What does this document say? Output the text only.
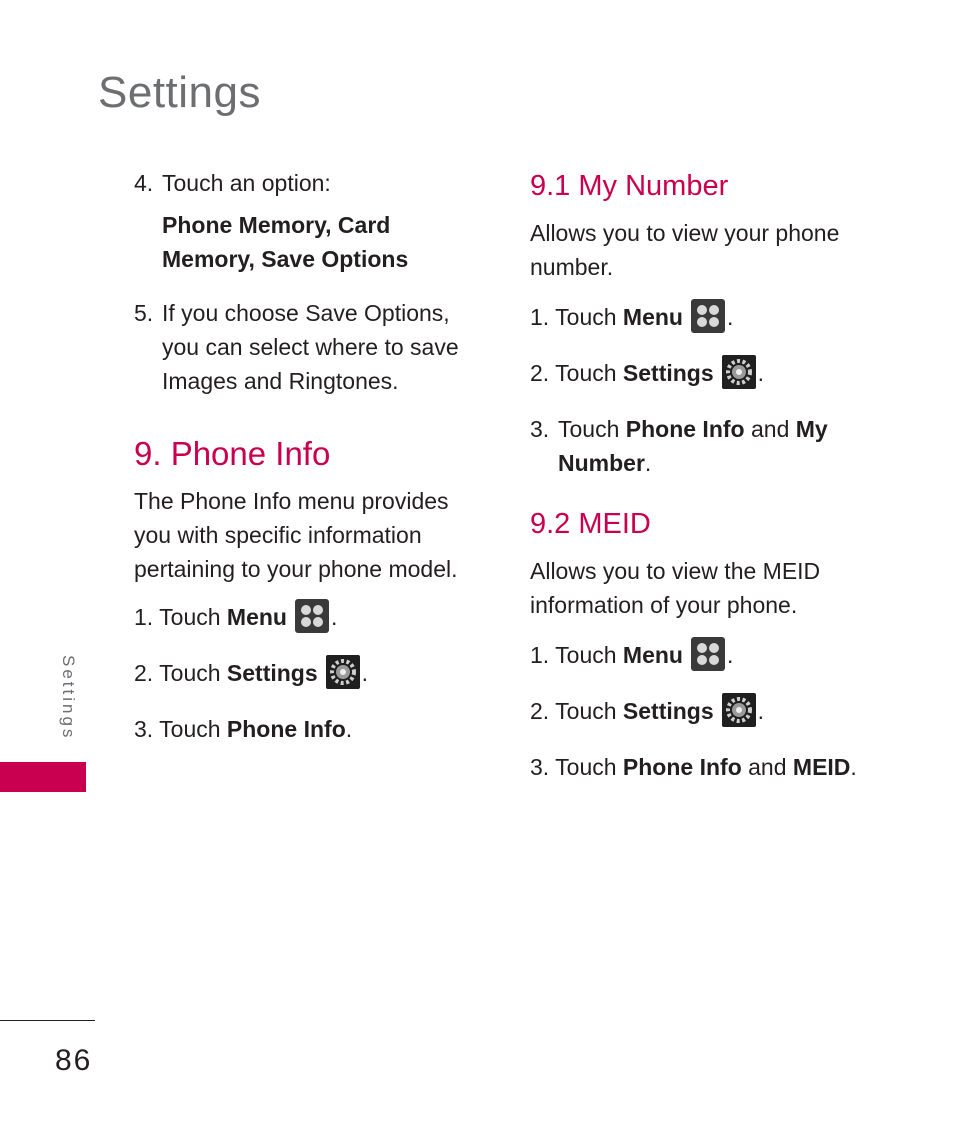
Settings
4. Touch an option:
Phone Memory, Card
Memory, Save Options
5. If you choose Save Options, you can select where to save Images and Ringtones.
9. Phone Info
The Phone Info menu provides you with specific information pertaining to your phone model.
1. Touch Menu .
2. Touch Settings .
3. Touch Phone Info.
9.1 My Number
Allows you to view your phone number.
1. Touch Menu .
2. Touch Settings .
3. Touch Phone Info and My Number.
9.2 MEID
Allows you to view the MEID information of your phone.
1. Touch Menu .
2. Touch Settings .
3. Touch Phone Info and MEID.
Settings
86
